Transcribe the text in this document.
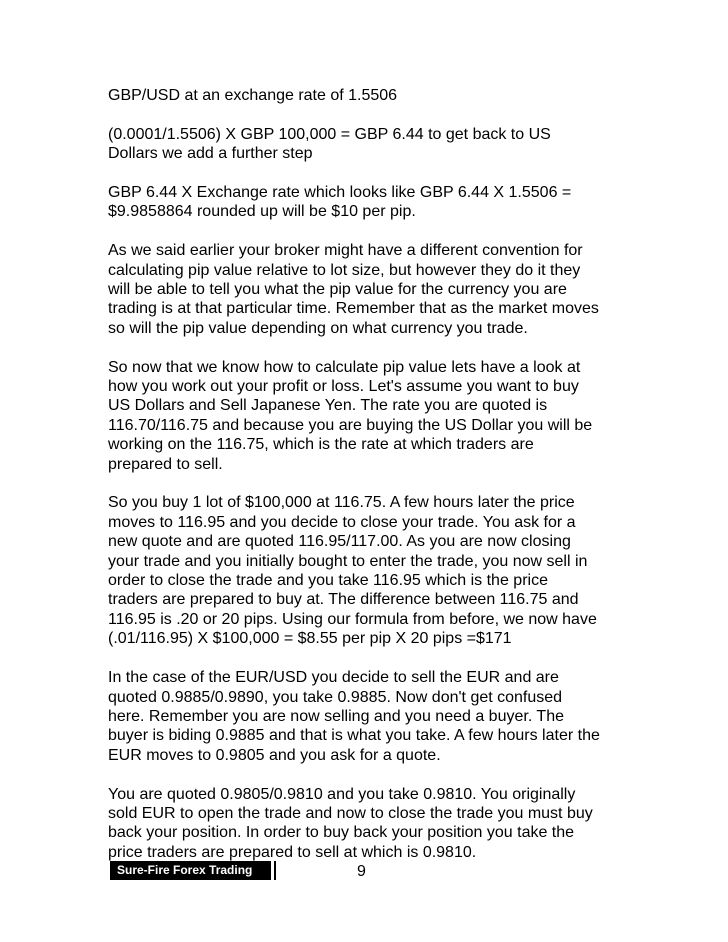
GBP/USD at an exchange rate of 1.5506

(0.0001/1.5506) X GBP 100,000 = GBP 6.44 to get back to US
Dollars we add a further step

GBP 6.44 X Exchange rate which looks like GBP 6.44 X 1.5506 =
$9.9858864 rounded up will be $10 per pip.

As we said earlier your broker might have a different convention for
calculating pip value relative to lot size, but however they do it they
will be able to tell you what the pip value for the currency you are
trading is at that particular time. Remember that as the market moves
so will the pip value depending on what currency you trade.

So now that we know how to calculate pip value lets have a look at
how you work out your profit or loss. Let's assume you want to buy
US Dollars and Sell Japanese Yen. The rate you are quoted is
116.70/116.75 and because you are buying the US Dollar you will be
working on the 116.75, which is the rate at which traders are
prepared to sell.

So you buy 1 lot of $100,000 at 116.75. A few hours later the price
moves to 116.95 and you decide to close your trade. You ask for a
new quote and are quoted 116.95/117.00. As you are now closing
your trade and you initially bought to enter the trade, you now sell in
order to close the trade and you take 116.95 which is the price
traders are prepared to buy at. The difference between 116.75 and
116.95 is .20 or 20 pips. Using our formula from before, we now have
(.01/116.95) X $100,000 = $8.55 per pip X 20 pips =$171

In the case of the EUR/USD you decide to sell the EUR and are
quoted 0.9885/0.9890, you take 0.9885. Now don't get confused
here. Remember you are now selling and you need a buyer. The
buyer is biding 0.9885 and that is what you take. A few hours later the
EUR moves to 0.9805 and you ask for a quote.

You are quoted 0.9805/0.9810 and you take 0.9810. You originally
sold EUR to open the trade and now to close the trade you must buy
back your position. In order to buy back your position you take the
price traders are prepared to sell at which is 0.9810.

Sure-Fire Forex Trading	9
